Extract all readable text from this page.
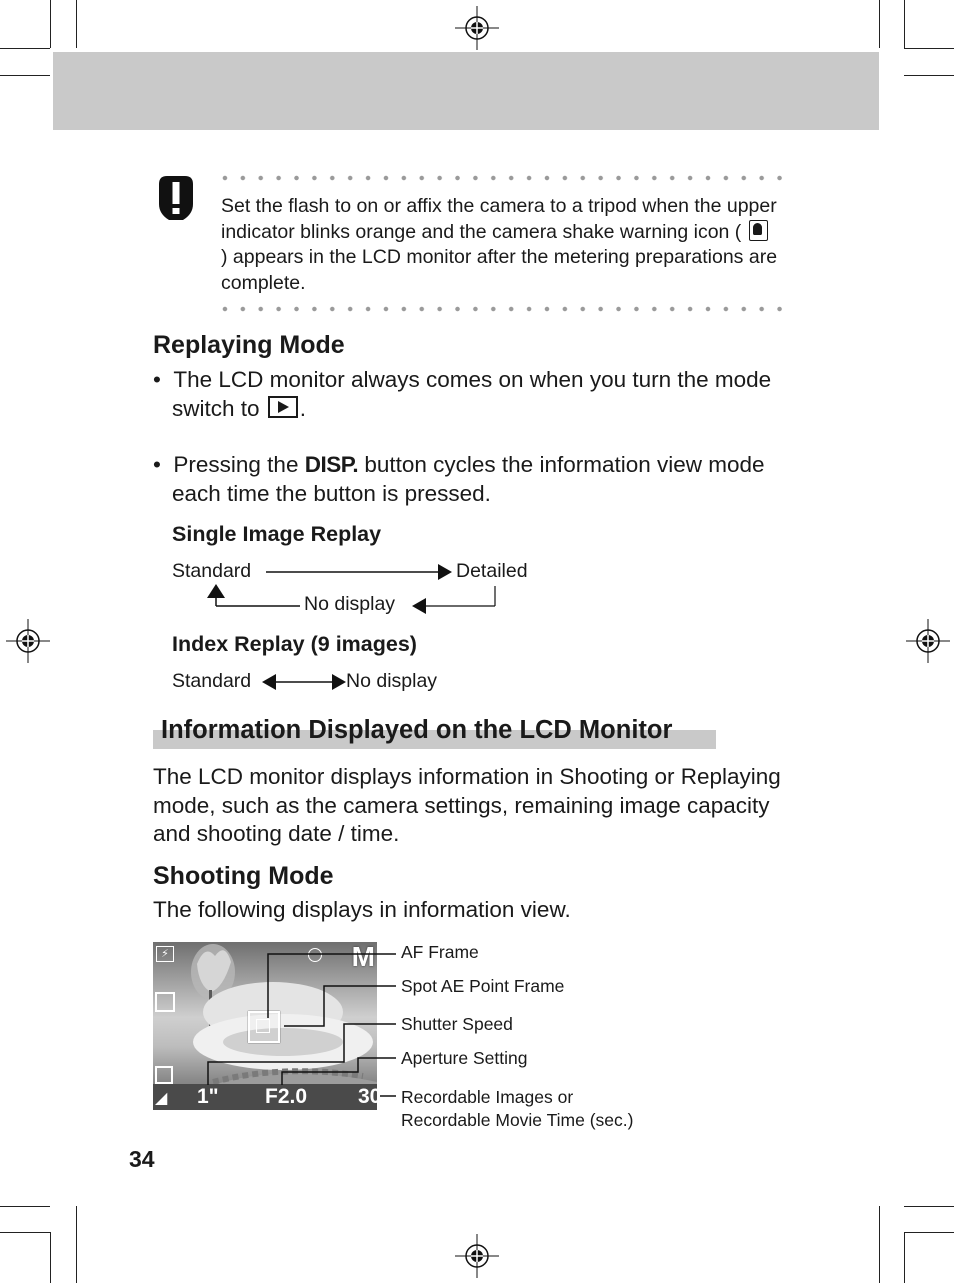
Set the flash to on or affix the camera to a tripod when the upper indicator blinks orange and the camera shake warning icon (  ) appears in the LCD monitor after the metering preparations are complete.
Replaying Mode
•  The LCD monitor always comes on when you turn the mode switch to .
•  Pressing the DISP. button cycles the information view mode each time the button is pressed.
Single Image Replay
Standard	Detailed
No display
Index Replay (9 images)
Standard	No display
Information Displayed on the LCD Monitor
The LCD monitor displays information in Shooting or Replaying mode, such as the camera settings, remaining image capacity and shooting date / time.
Shooting Mode
The following displays in information view.
⚡	M
1" F2.0 30
◢
AF Frame
Spot AE Point Frame
Shutter Speed
Aperture Setting
Recordable Images or
Recordable Movie Time (sec.)
34
